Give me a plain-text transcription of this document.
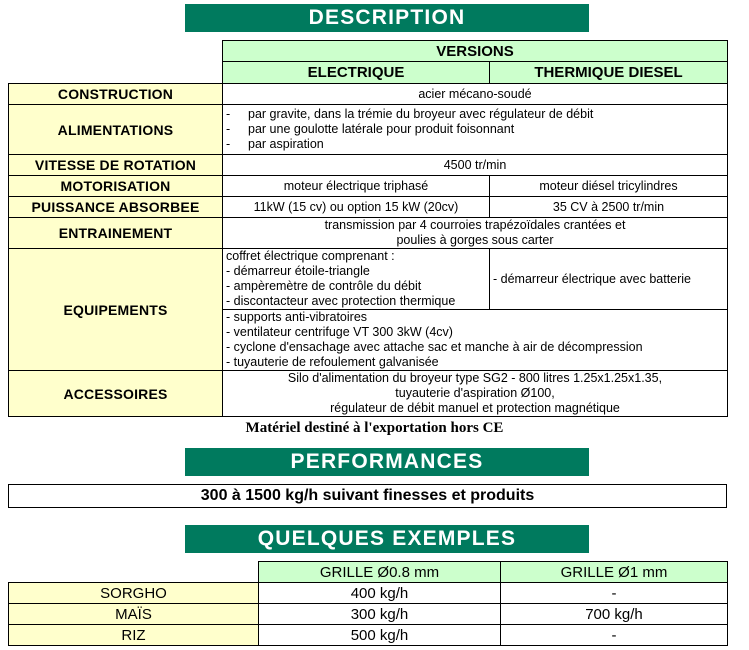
DESCRIPTION
	VERSIONS	
	ELECTRIQUE	THERMIQUE DIESEL
CONSTRUCTION	acier mécano-soudé	
ALIMENTATIONS	
-	par gravite, dans la trémie du broyeur avec régulateur de débit
-	par une goulotte latérale pour produit foisonnant
-	par aspiration

VITESSE DE ROTATION	4500 tr/min	
MOTORISATION	moteur électrique triphasé	moteur diésel tricylindres
PUISSANCE ABSORBEE	11kW (15 cv) ou option 15 kW (20cv)	35 CV à 2500 tr/min
ENTRAINEMENT	transmission par 4 courroies trapézoïdales crantées et
poulies à gorges sous carter	

EQUIPEMENTS	coffret électrique comprenant :
- démarreur étoile-triangle
- ampèremètre de contrôle du débit
- discontacteur avec protection thermique	- démarreur électrique avec batterie

	- supports anti-vibratoires
- ventilateur centrifuge VT 300 3kW (4cv)
- cyclone d'ensachage avec attache sac et manche à air de décompression
- tuyauterie de refoulement galvanisée	

ACCESSOIRES	Silo d'alimentation du broyeur type SG2 - 800 litres 1.25x1.25x1.35,
tuyauterie d'aspiration Ø100,
régulateur de débit manuel et protection magnétique	
Matériel destiné à l'exportation hors CE
PERFORMANCES
300 à 1500 kg/h suivant finesses et produits
QUELQUES EXEMPLES
	GRILLE Ø0.8 mm	GRILLE Ø1 mm
SORGHO	400 kg/h	-
MAÏS	300 kg/h	700 kg/h
RIZ	500 kg/h	-
